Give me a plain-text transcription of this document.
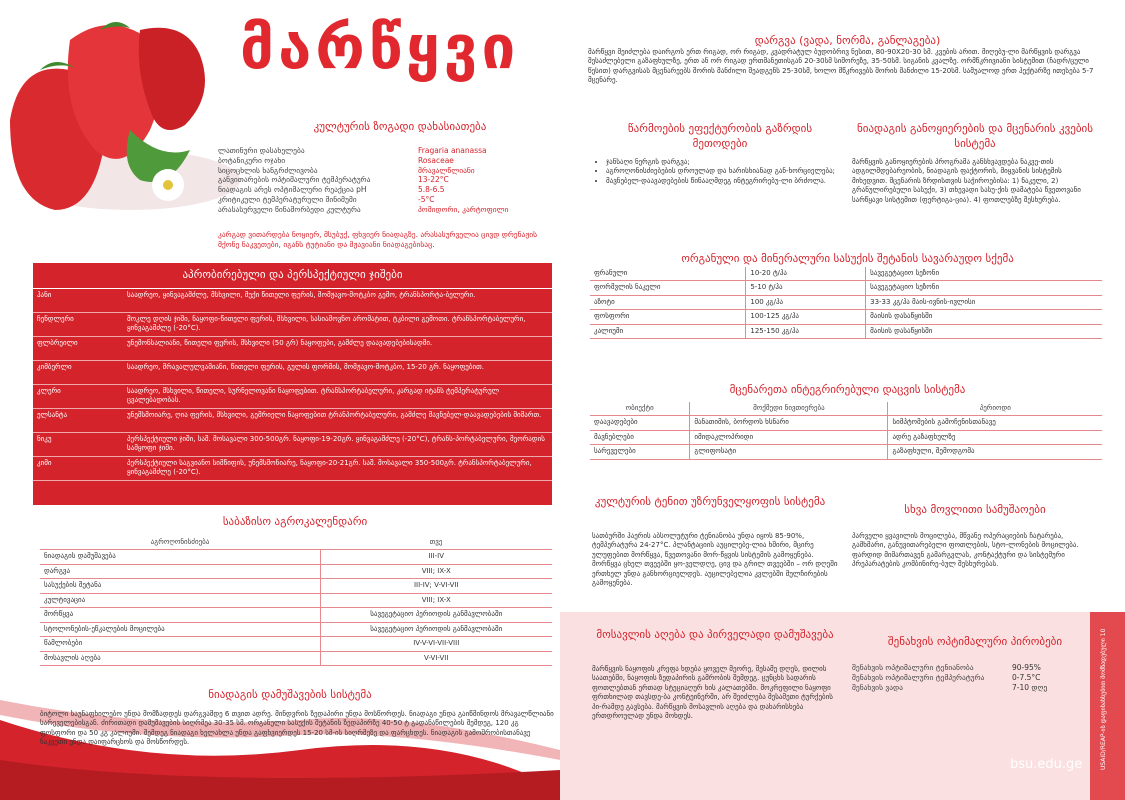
მარწყვი
კულტურის ზოგადი დახასიათება
ლათინური დასახელება	Fragaria ananassa
ბოტანიკური ოჯახი	Rosaceae
სიცოცხლის ხანგრძლივობა	მრავალწლიანი
განვითარების ოპტიმალური ტემპერატურა	13-22°C
ნიადაგის არეს ოპტიმალური რეაქცია pH	5.8-6.5
კრიტიკული ტემპერატურული მინიმუმი	-5°C
არასასურველი წინამორბედი კულტურა	პომიდორი, კარტოფილი
კარგად ვითარდება ნოყიერ, მსუბუქ, ფხვიერ ნიადაგზე. არასასურველია ცივდ დრენაჟის მქონე ნაკვეთები, იგანს ტუტიანი და მჟავიანი ნიადაგებისაც.
აპრობირებული და პერსპექტიული ჯიშები
ჰანი	საადრეო, ყინვაგამძლე, მსხვილი, მუქი წითელი ფერის, მომჟავო-მოტკბო გემო, ტრანსპორტა-ბელური.
ჩენდლერი	მოკლე დღის ჯიში, ნაყოფი-წითელი ფერის, მსხვილი, სასიამოვნო არომატით, ტკბილი გემოთი. ტრანსპორტაბელური, ყინვაგამძლე (-20°C).
ფლბრეილი	უნემონსალიანი, წითელი ფერის, მსხვილი (50 გრ) ნაყოფები, გამძლე დაავადებებისადმი.
კიმბერლი	საადრეო, მრავალულვამიანი, წითელი ფერის, გულის ფორმის, მომჟავო-მოტკბო, 15-20 გრ. ნაყოფებით.
კლერი	საადრეო, მსხვილი, წითელი, სურნელოვანი ნაყოფებით. ტრანსპორტაბელური, კარგად იტანს ტემპერატურულ ცვალებადობას.
ელსანტა	უნემსმოიარე, ღია ფერის, მსხვილი, გემრიელი ნაყოფებით ტრანპორტაბელური, გამძლე მავნებელ-დაავადებების მიმართ.
ნიკუ	პერსპექტიული ჯიში, საშ. მოსავალი 300-500გრ. ნაყოფი-19-20გრ. ყინვაგამძლე (-20°C), ტრანს-პორტაბელური, მეორადის სამყოფი ჯიში.
კიმი	პერსპექტიული საგვიანო სიმწიფის, უნემსმონიარე, ნაყოფი-20-21გრ. საშ. მოსავალი 350-500გრ. ტრანსპორტაბელური, ყინვაგამძლე (-20°C).
საბაზისო აგროკალენდარი
აგროღონისძიება	თვე
ნიადაგის დამუშავება	III-IV
დარგვა	VIII; IX-X
სასუქების შეტანა	III-IV; V-VI-VII
კულტივაცია	VIII; IX-X
მორწყვა	სავეგეტაციო პერიოდის განმავლობაში
სტოლონების-ეწკალების მოცილება	სავეგეტაციო პერიოდის განმავლობაში
წამლობები	IV-V-VI-VII-VIII
მოსავლის აღება	V-VI-VII
ნიადაგის დამუშავების სისტემა
ბიტოლი საუნაფხილებო უნდა მომზადდეს დარგვამდე 6 თვით ადრე. მინდვრის ზედაპირი უნდა მოსწორდეს. ნიადაგი უნდა გაიწმინდოს მრავალწლიანი სარეველებისგან. ძირითადი დამუშავების სიღრმეა 30-35 სმ. ორგანული სასუქის შეტანის ზედაპირზე 40-50 ტ გადანაწილების შემდეგ, 120 კგ ფოსფორი და 50 კგ კალიუმი. შემდეგ ნიადაგი ხელახლა უნდა გაფხვიერდეს 15-20 სმ-ის სიღრმეზე და ფარცხდეს. ნიადაგის გამოშრობისთანავე ნაკვეთი უნდა დაიფარცხოს და მოსწორდეს.
დარგვა (ვადა, ნორმა, განლაგება)
მარწყვი მეიძლება დაირგოს ერთ რიგად, ორ რიგად, კვადრატულ ბუდობრივ ნესით, 80-90X20-30 სმ. კვების არით. მიღებუ-ლი მარწყვის დარგვა შესაძლებელი გაზაფხულზე, ერთ ან ორ რიგად ერთმანეთისგან 20-30სმ სიშორეზე, 35-50სმ. სიგანის კვალზე. ორმწკრივიანი სისტემით (ჩადრ/ცული წესით) დარგვისას მცენარეებს შორის მანძილი შეადგენს 25-30სმ, ხოლო მწკრივებს შორის მანძილი 15-20სმ. სამუალოდ ერთ ჰექტარზე ითესება 5-7 მცენარე.
წარმოების ეფექტურობის გაზრდის მეთოდები
• ჯანსაღი ნერგის დარგვა;
• აგროღონისძიებების დროულად და ხარისხიანად გან-ხორციელება;
• მავნებელ-დაავადებების წინააღმდეგ ინტეგრირებუ-ლი ბრძოლა.
ნიადაგის განოყიერების და მცენარის კვების სისტემა
მარწყვის განოყიერების პროგრამა განსხვავდება ნაკვე-თის ადგილმდებარეობის, ნიადაგის ფაქტორის, მიყვანის სისტემის მიხედვით. მცენარის ზრდისთვის საჭიროებისა: 1) ნაკელი, 2) გრანულირებული სასუქი, 3) თხევადი სასუ-ქის დამატება წვეთოვანი სარწყავი სისტემით (ფერტიგა-ცია). 4) ფოთლებზე შესხურება.
ორგანული და მინერალური სასუქის შეტანის სავარაუდო სქემა
ფრანული	10-20 ტ/ჰა	სავეგეტაციო სეზონი
ფორმვლის ნაკელი	5-10 ტ/ჰა	სავეგეტაციო სეზონი
აზოტი	100 კგ/ჰა	33-33 კგ/ჰა მაის-ივნის-ივლისი
ფოსფორი	100-125 კგ/ჰა	მაისის დასაწყისში
კალიუმი	125-150 კგ/ჰა	მაისის დასაწყისში
მცენარეთა ინტეგრირებული დაცვის სისტემა
ობიექტი	მოქმედი ნივთიერება	პერიოდი
დაავადებები	მანათიმის, ბორდოს ხსნარი	სიმპტომების გამოჩენისთანავე
მავნებლები	იმიდაკლოპრიდი	ადრე გაზაფხულზე
სარეველები	გლიფოსატი	გაზაფხული, შემოდგომა
კულტურის ტენით უზრუნველყოფის სისტემა
სათბურში ჰაერის აბსოლუტური ტენიანობა უნდა იყოს 85-90%, ტემპერატურა 24-27°C. პლანტაციის აუცილებე-ლია ხშირი, მცირე ულუფებით მორწყვა, წვეთოვანი მორ-წყვის სისტემის გამოყენება. მორწყვა ცხელ თვეებში ყო-ველდღე, ცივ და გრილ თვეებში – ორ დღეში ერთხელ უნდა განხორციელდეს. აუცილებელია კვლებში მულჩირების გამოყენება.
სხვა მოვლითი სამუშაოები
პარველი ყვავილის მოცილება, მწვანე ოპერაციების ჩატარება, გამხმარი, განუვითარებელი ფოთლების, სტო-ლონების მოცილება. ფარდიდ მიმართავენ გამარგვლას, კონტაქტური და სისტემური პრეპარატების კომბინირე-ბულ შესხურებას.
მოსავლის აღება და პირველადი დამუშავება
მარწყვის ნაყოფის კრეფა ხდება ყოველ მეორე, მესამე დღეს, დილის საათებში, ნაყოფის ზედაპირის გამრობის შემდეგ. ცუნცხს სადარის ფოთლებთან ერთად სტეციაღურ ხის კალათებში. მოკრეფილი ნაყოფი ფრთხილად თავსდე-ბა კონტეინერში, არ შეიძლება მესამეთი ტურქების პი-რამდე გავსება. მარწყვის მოსავლის აღება და დახარისხება ერთდროულად უნდა მოხდეს.
შენახვის ოპტიმალური პირობები
შენახვის ოპტიმალური ტენიანობა	90-95%
შენახვის ოპტიმალური ტემპერატურა	0-7.5°C
შენახვის ვადა	7-10 დღე	USAID/REAP-ის დაფინანსებით მომზადებული 10
bsu.edu.ge
